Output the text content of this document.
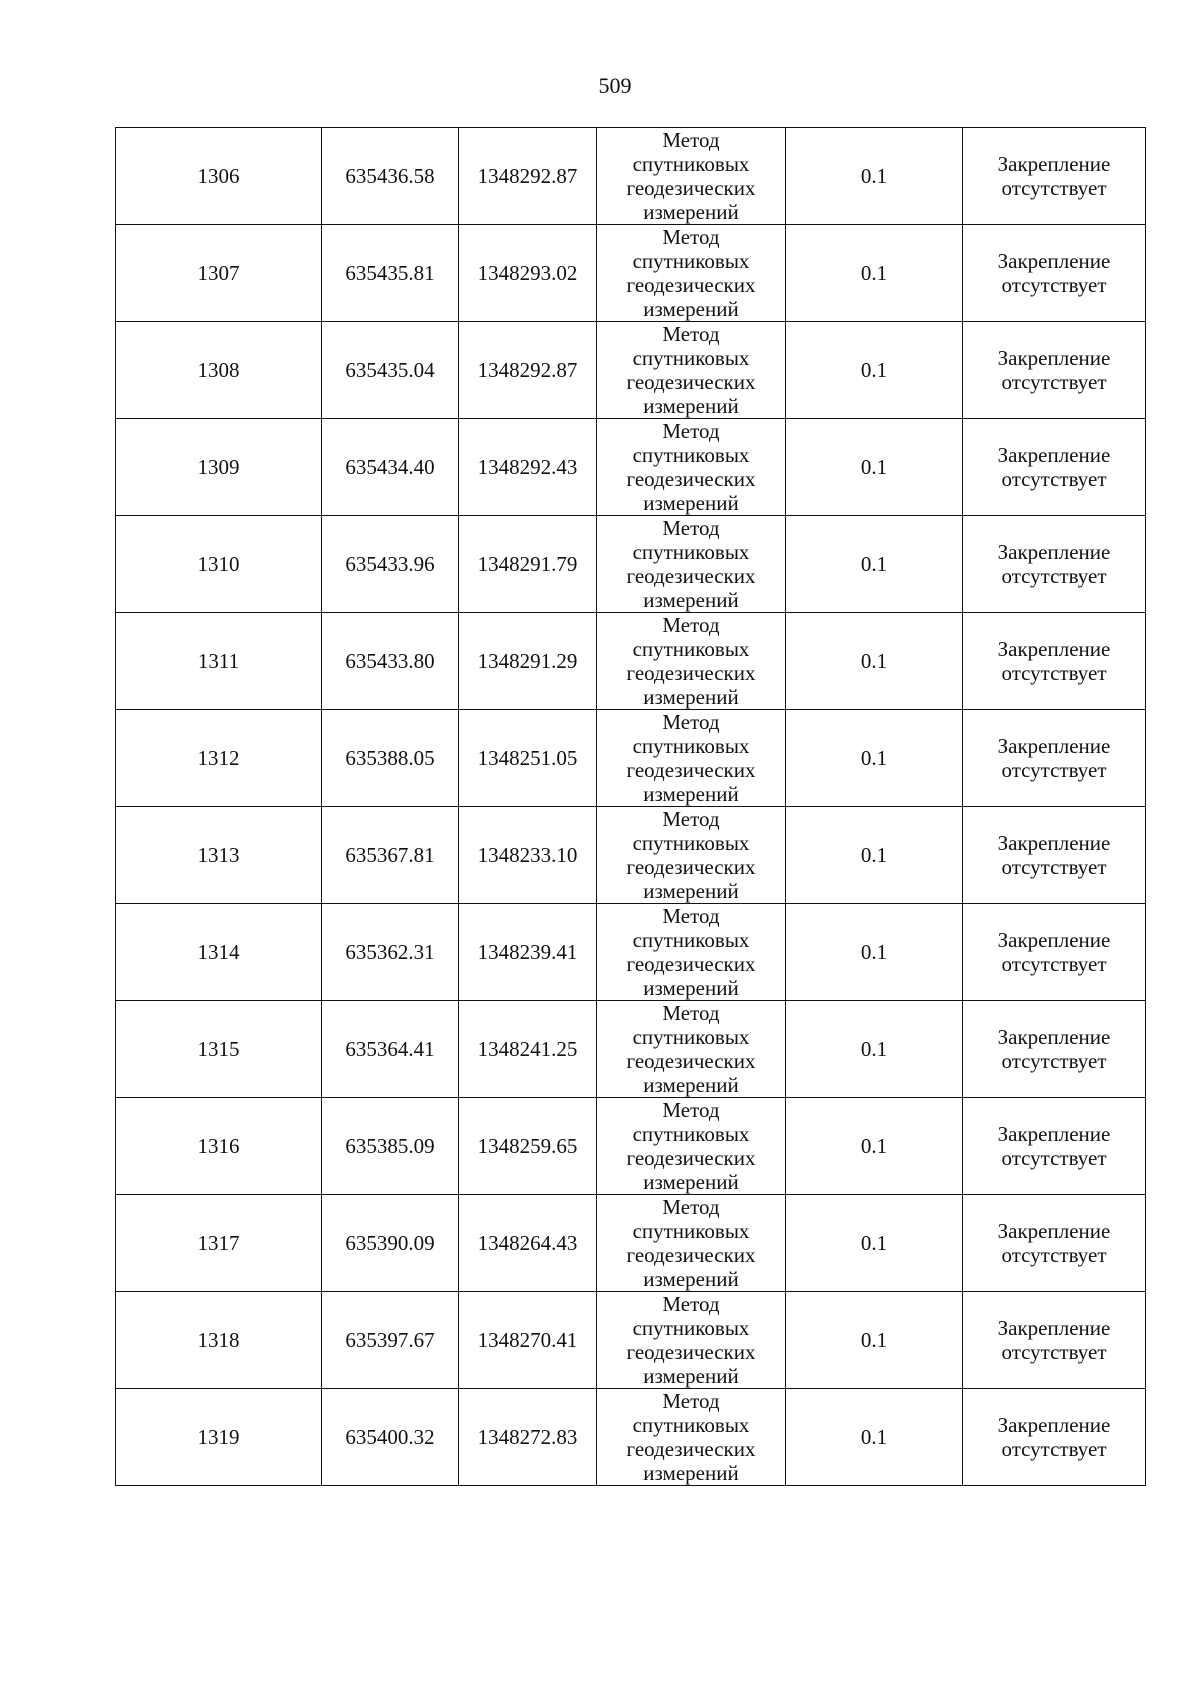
509
1306	635436.58	1348292.87	Метод
спутниковых
геодезических
измерений	0.1	Закрепление
отсутствует

1307	635435.81	1348293.02	Метод
спутниковых
геодезических
измерений	0.1	Закрепление
отсутствует

1308	635435.04	1348292.87	Метод
спутниковых
геодезических
измерений	0.1	Закрепление
отсутствует

1309	635434.40	1348292.43	Метод
спутниковых
геодезических
измерений	0.1	Закрепление
отсутствует

1310	635433.96	1348291.79	Метод
спутниковых
геодезических
измерений	0.1	Закрепление
отсутствует

1311	635433.80	1348291.29	Метод
спутниковых
геодезических
измерений	0.1	Закрепление
отсутствует

1312	635388.05	1348251.05	Метод
спутниковых
геодезических
измерений	0.1	Закрепление
отсутствует

1313	635367.81	1348233.10	Метод
спутниковых
геодезических
измерений	0.1	Закрепление
отсутствует

1314	635362.31	1348239.41	Метод
спутниковых
геодезических
измерений	0.1	Закрепление
отсутствует

1315	635364.41	1348241.25	Метод
спутниковых
геодезических
измерений	0.1	Закрепление
отсутствует

1316	635385.09	1348259.65	Метод
спутниковых
геодезических
измерений	0.1	Закрепление
отсутствует

1317	635390.09	1348264.43	Метод
спутниковых
геодезических
измерений	0.1	Закрепление
отсутствует

1318	635397.67	1348270.41	Метод
спутниковых
геодезических
измерений	0.1	Закрепление
отсутствует

1319	635400.32	1348272.83	Метод
спутниковых
геодезических
измерений	0.1	Закрепление
отсутствует
